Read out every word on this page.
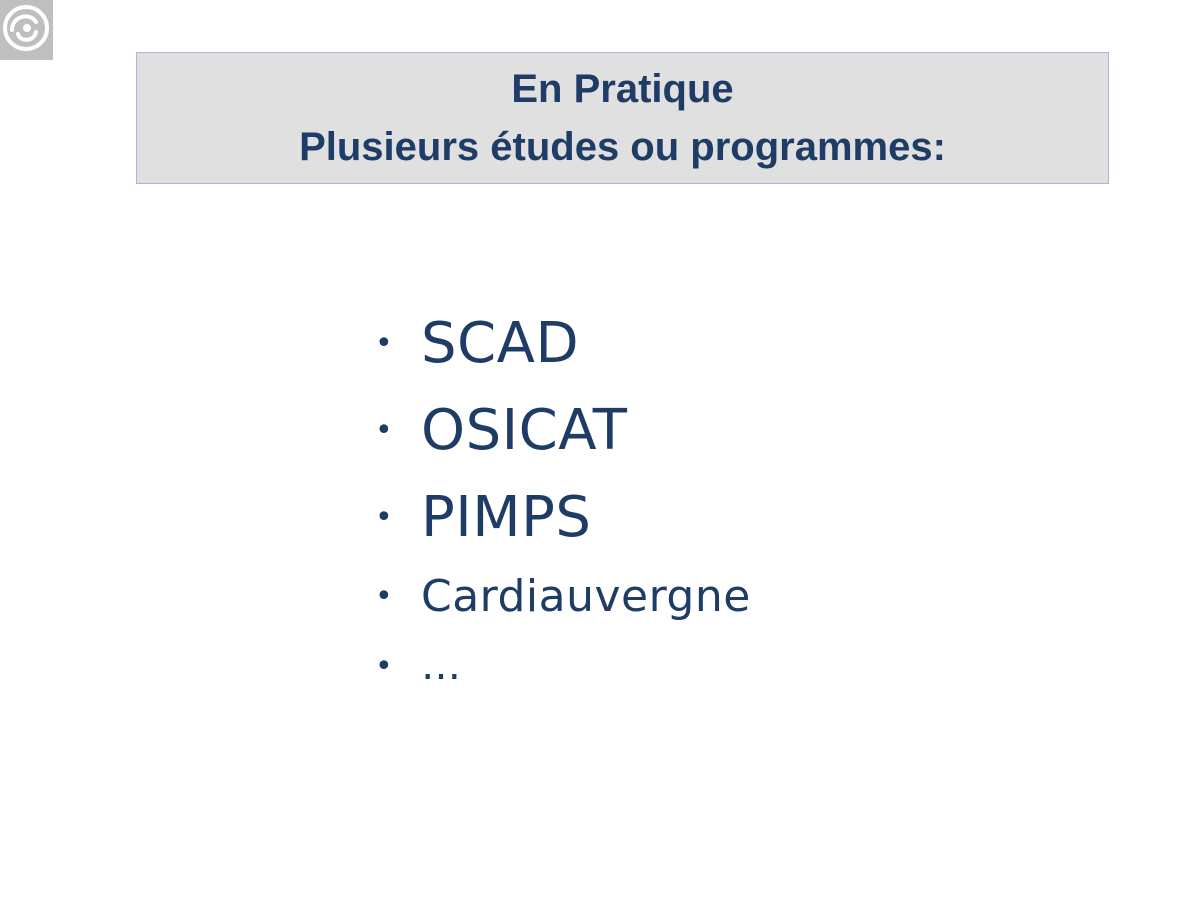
En Pratique
Plusieurs études ou programmes:
• SCAD
• OSICAT
• PIMPS
• Cardiauvergne
• …
